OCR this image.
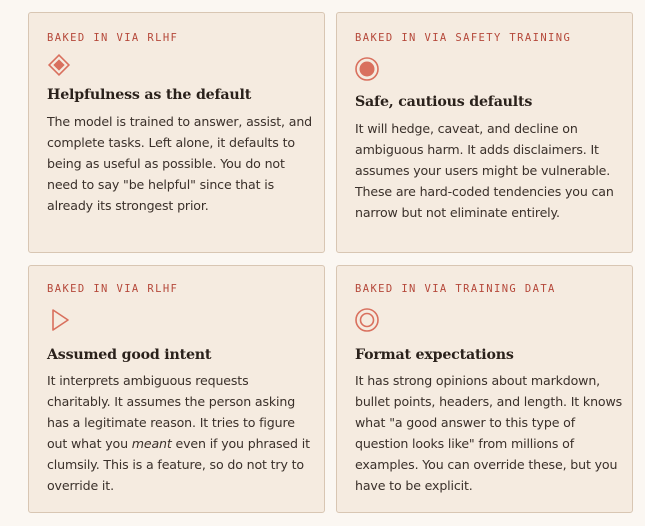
BAKED IN VIA RLHF
Helpfulness as the default
The model is trained to answer, assist, and complete tasks. Left alone, it defaults to being as useful as possible. You do not need to say "be helpful" since that is already its strongest prior.
BAKED IN VIA SAFETY TRAINING
Safe, cautious defaults
It will hedge, caveat, and decline on ambiguous harm. It adds disclaimers. It assumes your users might be vulnerable. These are hard-coded tendencies you can narrow but not eliminate entirely.
BAKED IN VIA RLHF
Assumed good intent
It interprets ambiguous requests charitably. It assumes the person asking has a legitimate reason. It tries to figure out what you meant even if you phrased it clumsily. This is a feature, so do not try to override it.
BAKED IN VIA TRAINING DATA
Format expectations
It has strong opinions about markdown, bullet points, headers, and length. It knows what "a good answer to this type of question looks like" from millions of examples. You can override these, but you have to be explicit.
